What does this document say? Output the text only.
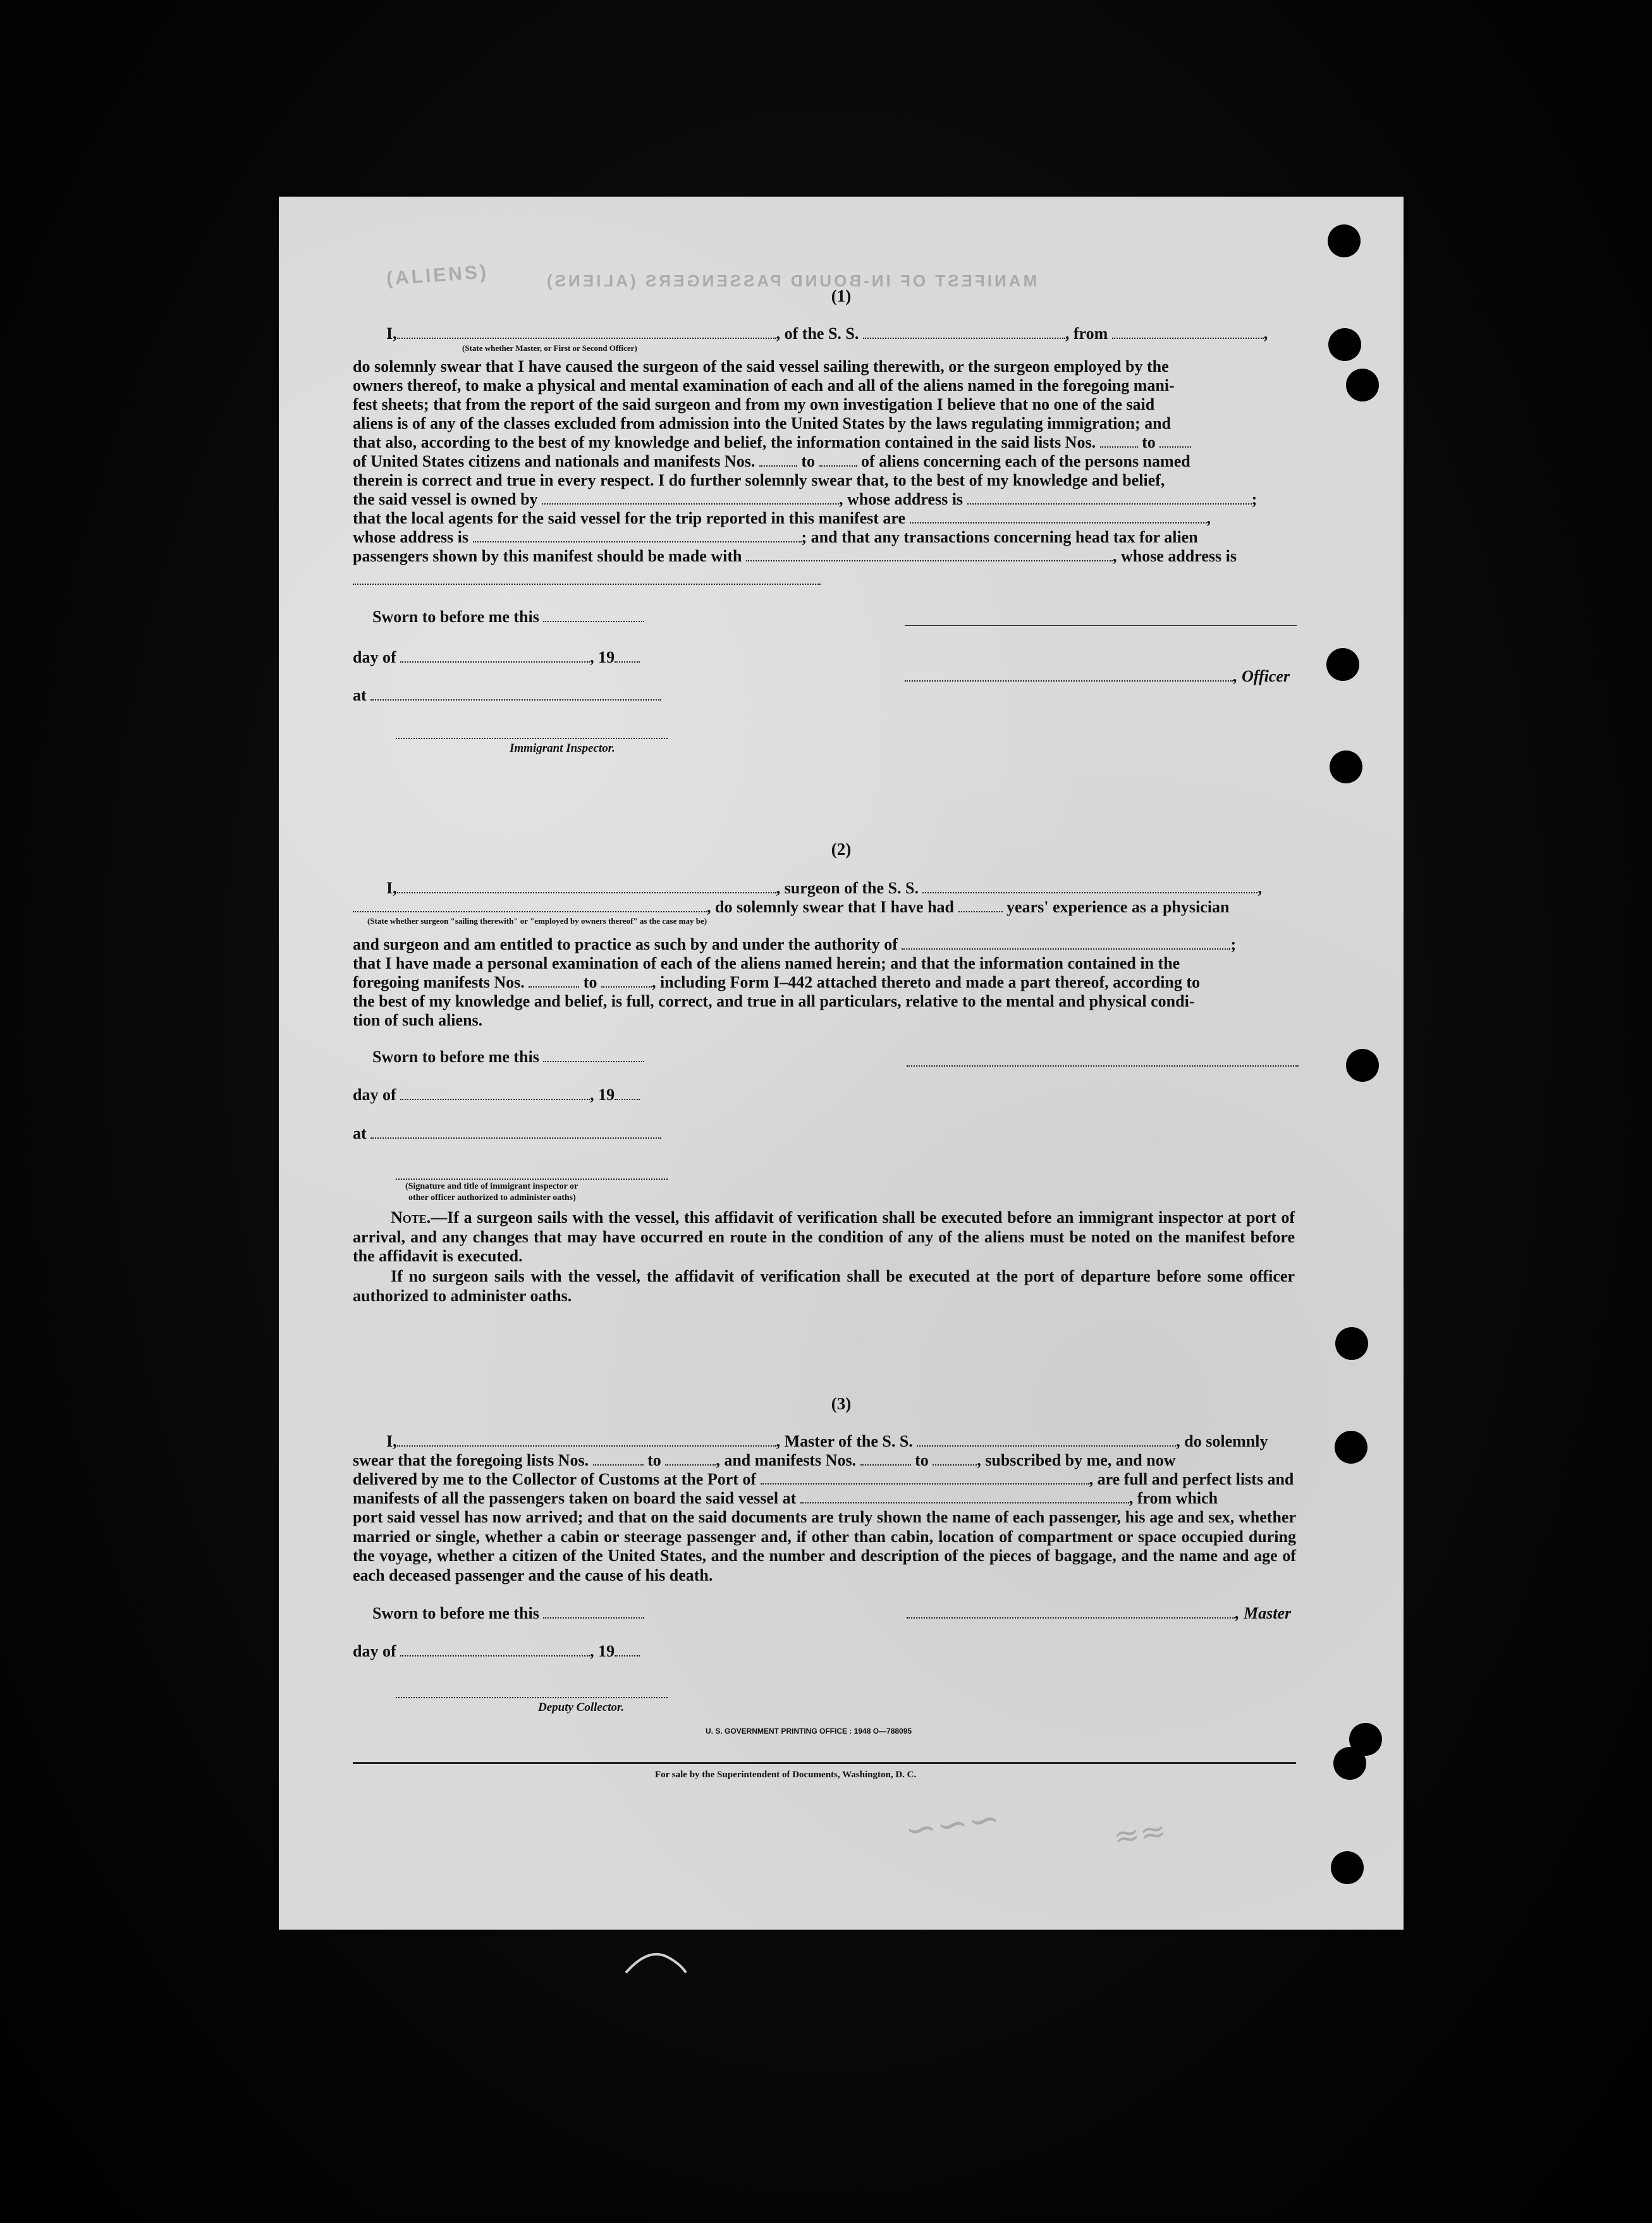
(ALIENS)	MANIFEST OF IN-BOUND PASSENGERS (ALIENS)
(1)
I,	, of the S. S.	, from	,
(State whether Master, or First or Second Officer)
do solemnly swear that I have caused the surgeon of the said vessel sailing therewith, or the surgeon employed by the
owners thereof, to make a physical and mental examination of each and all of the aliens named in the foregoing mani-
fest sheets; that from the report of the said surgeon and from my own investigation I believe that no one of the said
aliens is of any of the classes excluded from admission into the United States by the laws regulating immigration; and
that also, according to the best of my knowledge and belief, the information contained in the said lists Nos.	to
of United States citizens and nationals and manifests Nos.	to	of aliens concerning each of the persons named
therein is correct and true in every respect. I do further solemnly swear that, to the best of my knowledge and belief,
the said vessel is owned by	, whose address is	;
that the local agents for the said vessel for the trip reported in this manifest are	,
whose address is	; and that any transactions concerning head tax for alien
passengers shown by this manifest should be made with	, whose address is
Sworn to before me this
day of	, 19
, Officer
at
Immigrant Inspector.
(2)
I,	, surgeon of the S. S.	,
, do solemnly swear that I have had	years' experience as a physician
(State whether surgeon "sailing therewith" or "employed by owners thereof" as the case may be)
and surgeon and am entitled to practice as such by and under the authority of	;
that I have made a personal examination of each of the aliens named herein; and that the information contained in the
foregoing manifests Nos.	to	, including Form I–442 attached thereto and made a part thereof, according to
the best of my knowledge and belief, is full, correct, and true in all particulars, relative to the mental and physical condi-
tion of such aliens.
Sworn to before me this
day of	, 19
at
(Signature and title of immigrant inspector or
other officer authorized to administer oaths)
Note.—If a surgeon sails with the vessel, this affidavit of verification shall be executed before an immigrant inspector at port of arrival, and any changes that may have occurred en route in the condition of any of the aliens must be noted on the manifest before the affidavit is executed.
If no surgeon sails with the vessel, the affidavit of verification shall be executed at the port of departure before some officer authorized to administer oaths.
(3)
I,	, Master of the S. S.	, do solemnly
swear that the foregoing lists Nos.	to	, and manifests Nos.	to	, subscribed by me, and now
delivered by me to the Collector of Customs at the Port of	, are full and perfect lists and
manifests of all the passengers taken on board the said vessel at	, from which
port said vessel has now arrived; and that on the said documents are truly shown the name of each passenger, his age and sex, whether married or single, whether a cabin or steerage passenger and, if other than cabin, location of compartment or space occupied during the voyage, whether a citizen of the United States, and the number and description of the pieces of baggage, and the name and age of each deceased passenger and the cause of his death.
Sworn to before me this	, Master
day of	, 19
Deputy Collector.
U. S. GOVERNMENT PRINTING OFFICE : 1948 O—788095
For sale by the Superintendent of Documents, Washington, D. C.
∽∽∽	≈≈
